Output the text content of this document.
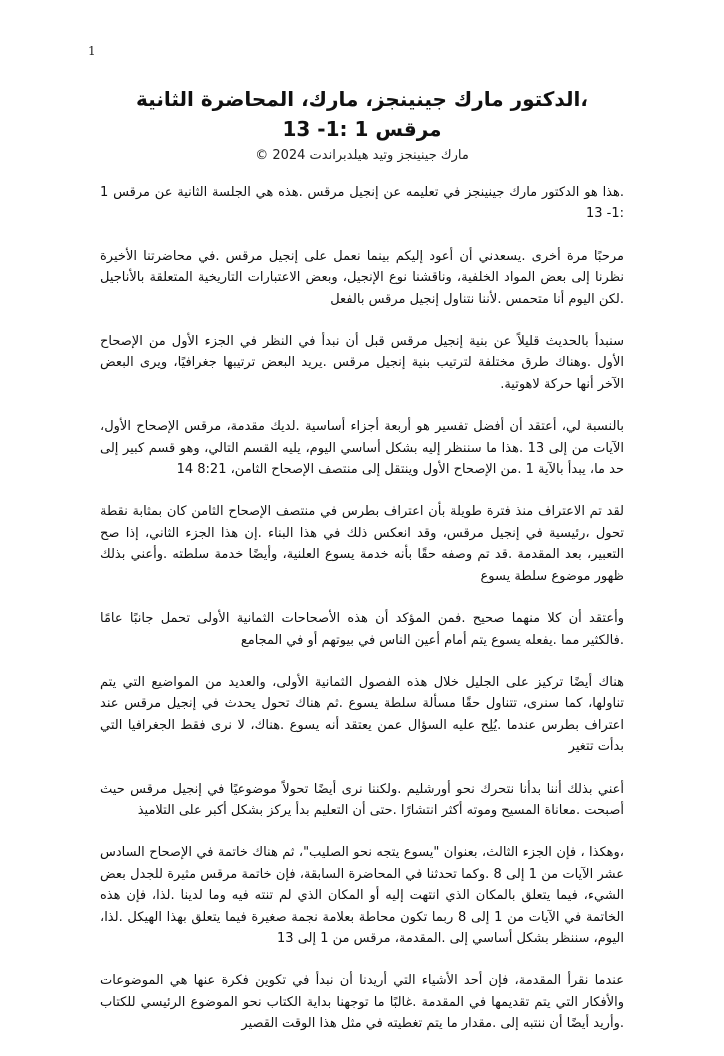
1
،الدكتور مارك جينينجز، مارك، المحاضرة الثانية
مرقس 1 :1- 13
مارك جينينجز وتيد هيلدبراندت 2024 ©

.هذا هو الدكتور مارك جينينجز في تعليمه عن إنجيل مرقس .هذه هي الجلسة الثانية عن مرقس 1 :1- 13

مرحبًا مرة أخرى .يسعدني أن أعود إليكم بينما نعمل على إنجيل مرقس .في محاضرتنا الأخيرة نظرنا إلى بعض المواد الخلفية، وناقشنا نوع الإنجيل، وبعض الاعتبارات التاريخية المتعلقة بالأناجيل .لكن اليوم أنا متحمس .لأننا نتناول إنجيل مرقس بالفعل

سنبدأ بالحديث قليلاً عن بنية إنجيل مرقس قبل أن نبدأ في النظر في الجزء الأول من الإصحاح الأول .وهناك طرق مختلفة لترتيب بنية إنجيل مرقس .يريد البعض ترتيبها جغرافيًا، ويرى البعض الآخر أنها حركة لاهوتية.

بالنسبة لي، أعتقد أن أفضل تفسير هو أربعة أجزاء أساسية .لديك مقدمة، مرقس الإصحاح الأول، الآيات من إلى 13 .هذا ما سننظر إليه بشكل أساسي اليوم، يليه القسم التالي، وهو قسم كبير إلى حد ما، يبدأ بالآية 1 .من الإصحاح الأول وينتقل إلى منتصف الإصحاح الثامن، 8:21 14

لقد تم الاعتراف منذ فترة طويلة بأن اعتراف بطرس في منتصف الإصحاح الثامن كان بمثابة نقطة تحول ،رئيسية في إنجيل مرقس، وقد انعكس ذلك في هذا البناء .إن هذا الجزء الثاني، إذا صح التعبير، بعد المقدمة .قد تم وصفه حقًا بأنه خدمة يسوع العلنية، وأيضًا خدمة سلطته .وأعني بذلك ظهور موضوع سلطة يسوع

وأعتقد أن كلا منهما صحيح .فمن المؤكد أن هذه الأصحاحات الثمانية الأولى تحمل جانبًا عامًا .فالكثير مما .يفعله يسوع يتم أمام أعين الناس في بيوتهم أو في المجامع

هناك أيضًا تركيز على الجليل خلال هذه الفصول الثمانية الأولى، والعديد من المواضيع التي يتم تناولها، كما سنرى، تتناول حقًا مسألة سلطة يسوع .ثم هناك تحول يحدث في إنجيل مرقس عند اعتراف بطرس عندما .يُلِح عليه السؤال عمن يعتقد أنه يسوع .هناك، لا نرى فقط الجغرافيا التي بدأت تتغير

أعني بذلك أننا بدأنا نتحرك نحو أورشليم .ولكننا نرى أيضًا تحولاً موضوعيًا في إنجيل مرقس حيث أصبحت .معاناة المسيح وموته أكثر انتشارًا .حتى أن التعليم بدأ يركز بشكل أكبر على التلاميذ

،وهكذا ، فإن الجزء الثالث، بعنوان "يسوع يتجه نحو الصليب"، ثم هناك خاتمة في الإصحاح السادس عشر الآيات من 1 إلى 8 .وكما تحدثنا في المحاضرة السابقة، فإن خاتمة مرقس مثيرة للجدل بعض الشيء، فيما يتعلق بالمكان الذي انتهت إليه أو المكان الذي لم تنته فيه وما لدينا .لذا، فإن هذه الخاتمة في الآيات من 1 إلى 8 ربما تكون محاطة بعلامة نجمة صغيرة فيما يتعلق بهذا الهيكل .لذا، اليوم، سننظر بشكل أساسي إلى .المقدمة، مرقس من 1 إلى 13

عندما نقرأ المقدمة، فإن أحد الأشياء التي أريدنا أن نبدأ في تكوين فكرة عنها هي الموضوعات والأفكار التي يتم تقديمها في المقدمة .غالبًا ما توجهنا بداية الكتاب نحو الموضوع الرئيسي للكتاب .وأريد أيضًا أن ننتبه إلى .مقدار ما يتم تغطيته في مثل هذا الوقت القصير
